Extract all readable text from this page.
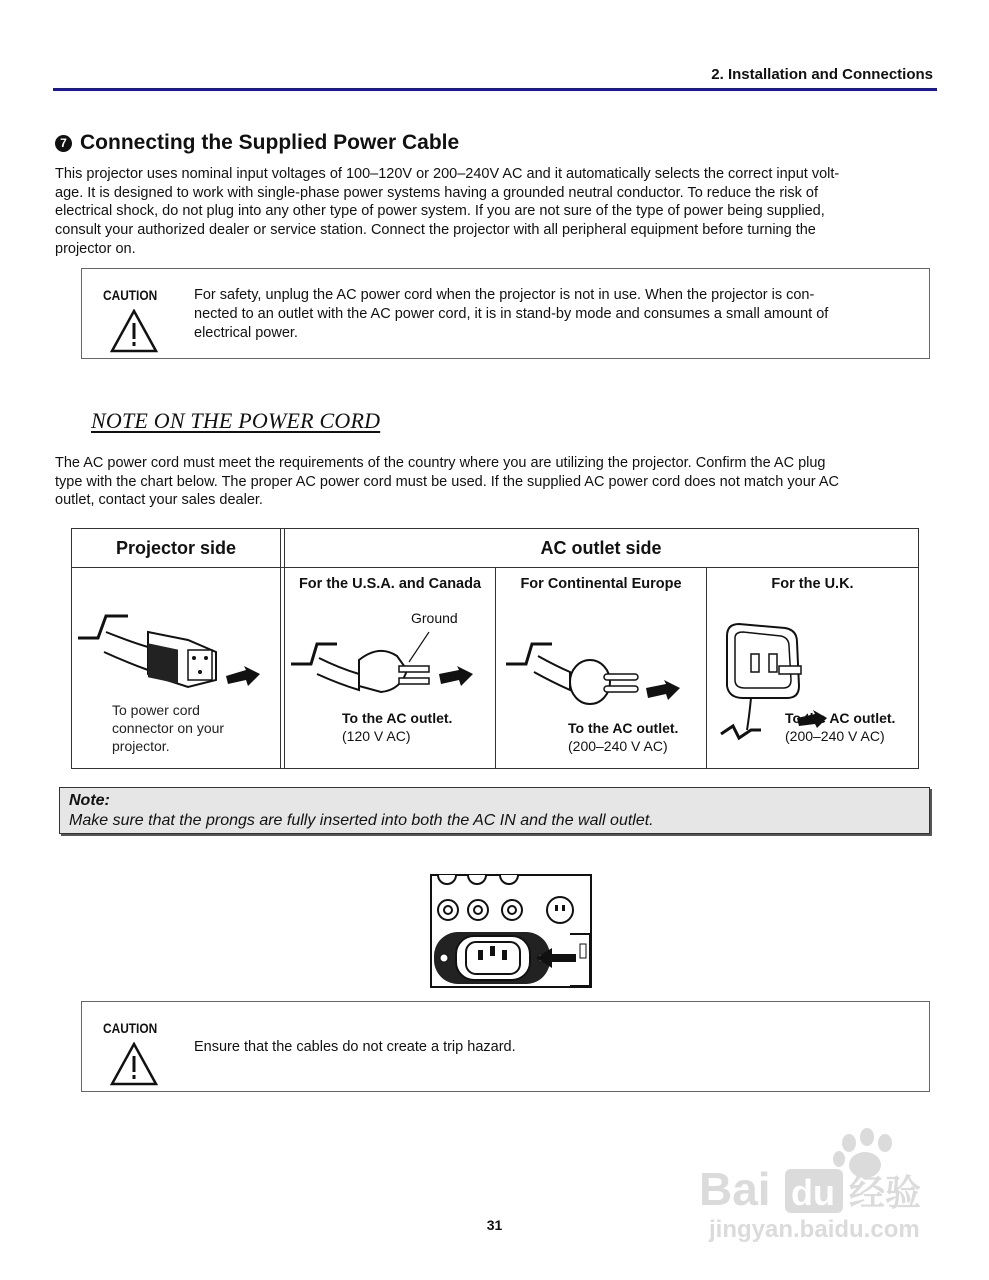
2. Installation and Connections
7 Connecting the Supplied Power Cable
This projector uses nominal input voltages of 100–120V or 200–240V AC and it automatically selects the correct input volt-
age. It is designed to work with single-phase power systems having a grounded neutral conductor. To reduce the risk of
electrical shock, do not plug into any other type of power system. If you are not sure of the type of power being supplied,
consult your authorized dealer or service station. Connect the projector with all peripheral equipment before turning the
projector on.
CAUTION	For safety, unplug the AC power cord when the projector is not in use. When the projector is con-
nected to an outlet with the AC power cord, it is in stand-by mode and consumes a small amount of
electrical power.
NOTE ON THE POWER CORD
The AC power cord must meet the requirements of the country where you are utilizing the projector. Confirm the AC plug
type with the chart below. The proper AC power cord must be used. If the supplied AC power cord does not match your AC
outlet, contact your sales dealer.
Projector side	AC outlet side
To power cord
connector on your
projector.
For the U.S.A. and Canada
Ground
To the AC outlet.
(120 V AC)
For Continental Europe
To the AC outlet.
(200–240 V AC)
For the U.K.
To the AC outlet.
(200–240 V AC)
Note:
Make sure that the prongs are fully inserted into both the AC IN and the wall outlet.
CAUTION
Ensure that the cables do not create a trip hazard.
31
Bai du 经验
jingyan.baidu.com
